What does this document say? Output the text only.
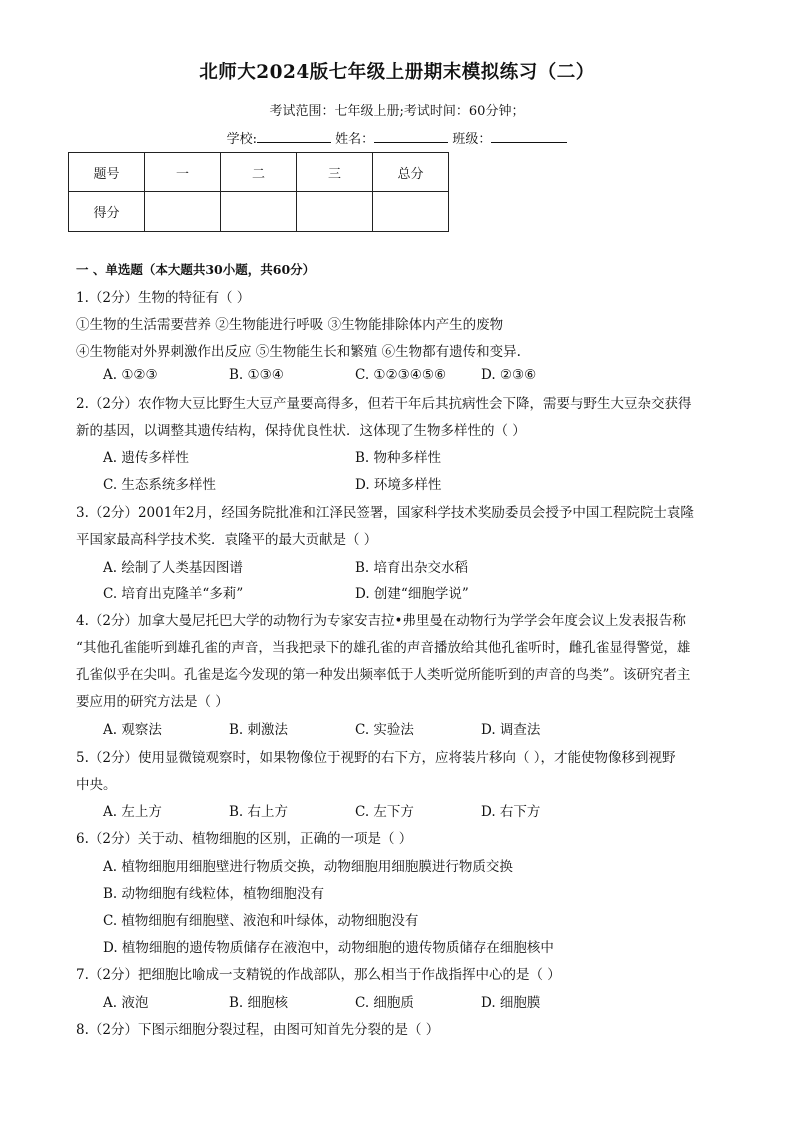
北师大2024版七年级上册期末模拟练习（二）
考试范围：七年级上册;考试时间：60分钟；
学校:	姓名：	班级：
题号	一	二	三	总分
得分				
一 、单选题（本大题共30小题，共60分）
1.（2分）生物的特征有（ ）
①生物的生活需要营养 ②生物能进行呼吸 ③生物能排除体内产生的废物
④生物能对外界刺激作出反应 ⑤生物能生长和繁殖 ⑥生物都有遗传和变异.
A. ①②③	B. ①③④	C. ①②③④⑤⑥	D. ②③⑥
2.（2分）农作物大豆比野生大豆产量要高得多，但若干年后其抗病性会下降，需要与野生大豆杂交获得
新的基因，以调整其遗传结构，保持优良性状．这体现了生物多样性的（ ）
A. 遗传多样性	B. 物种多样性
C. 生态系统多样性	D. 环境多样性
3.（2分）2001年2月，经国务院批准和江泽民签署，国家科学技术奖励委员会授予中国工程院院士袁隆
平国家最高科学技术奖．袁隆平的最大贡献是（ ）
A. 绘制了人类基因图谱	B. 培育出杂交水稻
C. 培育出克隆羊“多莉”	D. 创建“细胞学说”
4.（2分）加拿大曼尼托巴大学的动物行为专家安吉拉•弗里曼在动物行为学学会年度会议上发表报告称
“其他孔雀能听到雄孔雀的声音，当我把录下的雄孔雀的声音播放给其他孔雀听时，雌孔雀显得警觉，雄
孔雀似乎在尖叫。孔雀是迄今发现的第一种发出频率低于人类听觉所能听到的声音的鸟类”。该研究者主
要应用的研究方法是（ ）
A. 观察法	B. 刺激法	C. 实验法	D. 调查法
5.（2分）使用显微镜观察时，如果物像位于视野的右下方，应将装片移向（ ），才能使物像移到视野
中央。
A. 左上方	B. 右上方	C. 左下方	D. 右下方
6.（2分）关于动、植物细胞的区别，正确的一项是（ ）
A. 植物细胞用细胞壁进行物质交换，动物细胞用细胞膜进行物质交换
B. 动物细胞有线粒体，植物细胞没有
C. 植物细胞有细胞壁、液泡和叶绿体，动物细胞没有
D. 植物细胞的遗传物质储存在液泡中，动物细胞的遗传物质储存在细胞核中
7.（2分）把细胞比喻成一支精锐的作战部队，那么相当于作战指挥中心的是（ ）
A. 液泡	B. 细胞核	C. 细胞质	D. 细胞膜
8.（2分）下图示细胞分裂过程，由图可知首先分裂的是（ ）
